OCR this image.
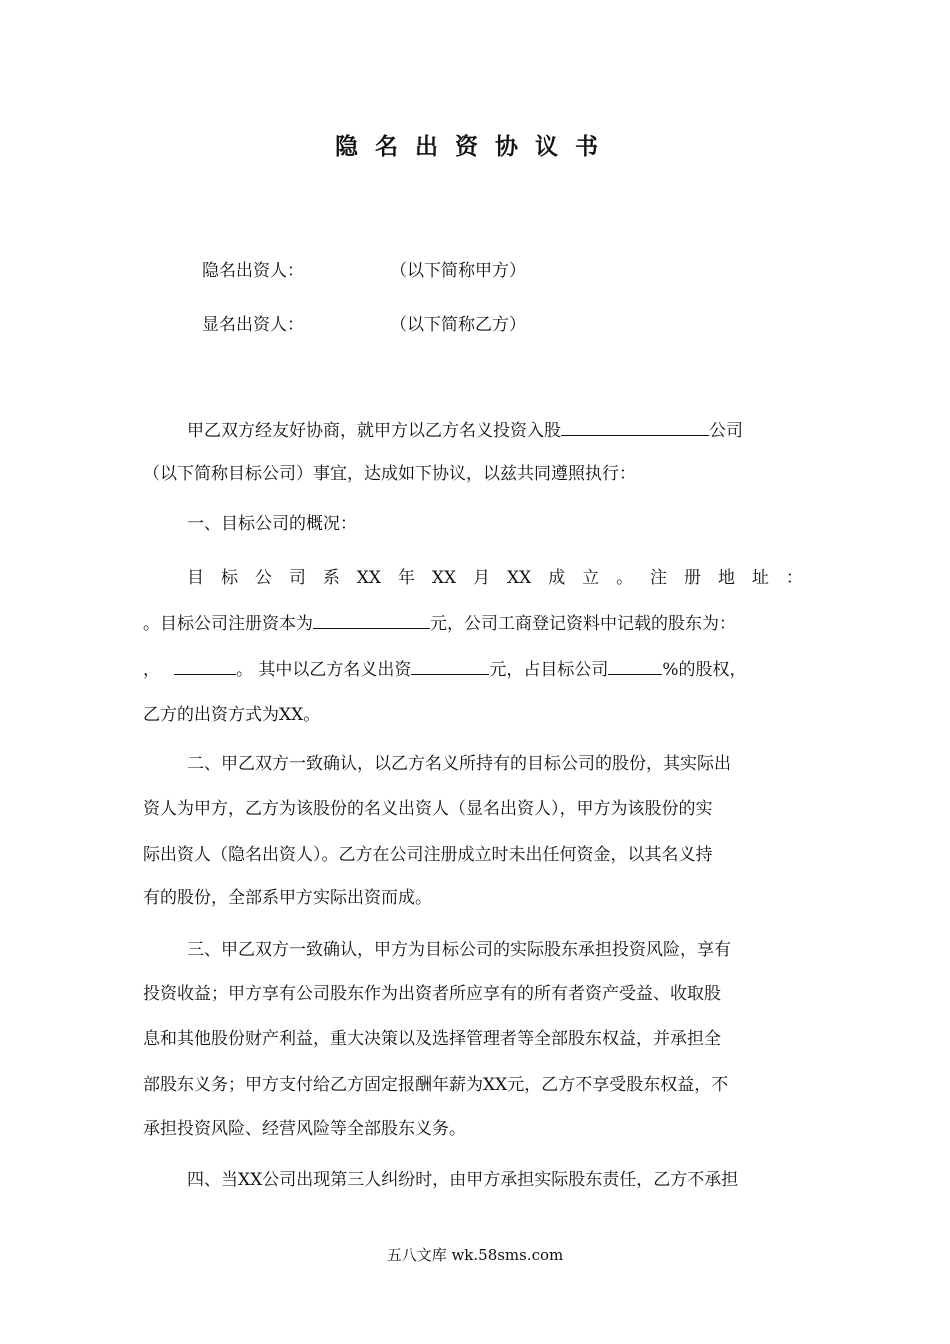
隐名出资协议书
隐名出资人：	（以下简称甲方）
显名出资人：	（以下简称乙方）
甲乙双方经友好协商，就甲方以乙方名义投资入股	公司
（以下简称目标公司）事宜，达成如下协议，以兹共同遵照执行：
一、目标公司的概况：
目 标 公 司 系 XX 年 XX 月 XX 成 立 。 注 册 地 址 ：
。目标公司注册资本为	元，公司工商登记资料中记载的股东为：
，	。 其中以乙方名义出资	元，占目标公司	%的股权，
乙方的出资方式为XX。
二、甲乙双方一致确认，以乙方名义所持有的目标公司的股份，其实际出
资人为甲方，乙方为该股份的名义出资人（显名出资人），甲方为该股份的实
际出资人（隐名出资人）。乙方在公司注册成立时未出任何资金，以其名义持
有的股份，全部系甲方实际出资而成。
三、甲乙双方一致确认，甲方为目标公司的实际股东承担投资风险，享有
投资收益；甲方享有公司股东作为出资者所应享有的所有者资产受益、收取股
息和其他股份财产利益，重大决策以及选择管理者等全部股东权益，并承担全
部股东义务；甲方支付给乙方固定报酬年薪为XX元，乙方不享受股东权益，不
承担投资风险、经营风险等全部股东义务。
四、当XX公司出现第三人纠纷时，由甲方承担实际股东责任，乙方不承担
五八文库 wk.58sms.com
